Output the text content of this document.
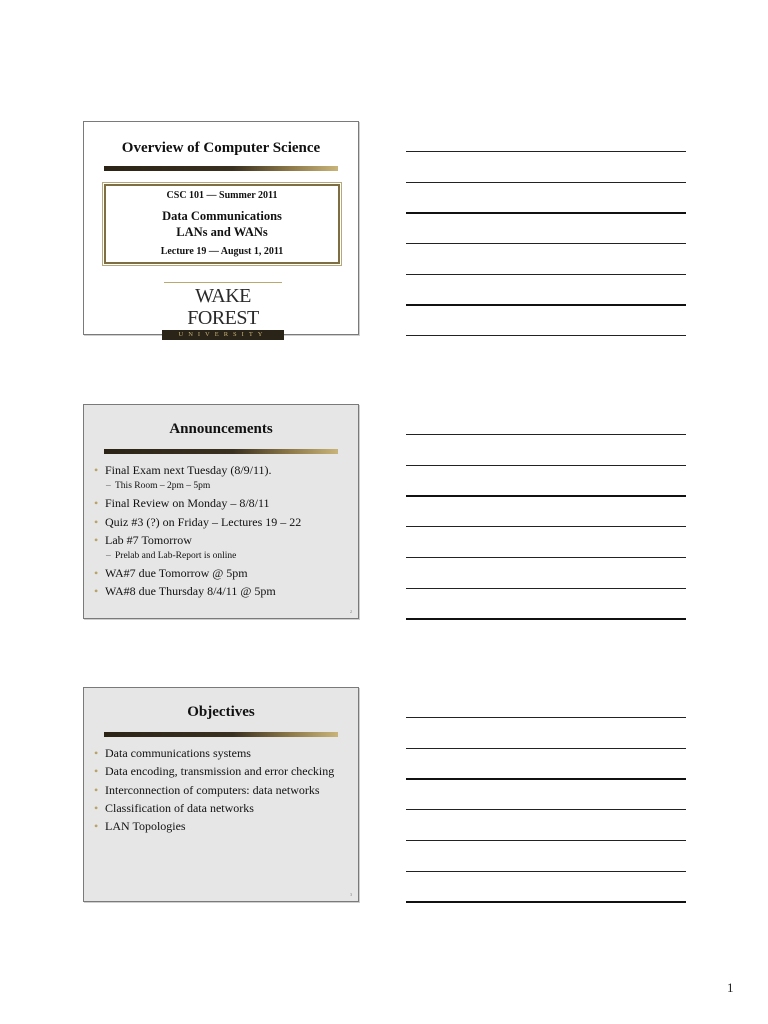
Overview of Computer Science
CSC 101 — Summer 2011
Data Communications
LANs and WANs
Lecture 19 — August 1, 2011
WAKE FOREST
UNIVERSITY
Announcements
• Final Exam next Tuesday (8/9/11).
– This Room – 2pm – 5pm
• Final Review on Monday – 8/8/11
• Quiz #3 (?) on Friday – Lectures 19 – 22
• Lab #7 Tomorrow
– Prelab and Lab-Report is online
• WA#7 due Tomorrow @ 5pm
• WA#8 due Thursday 8/4/11 @ 5pm
2
Objectives
• Data communications systems
• Data encoding, transmission and error checking
• Interconnection of computers: data networks
• Classification of data networks
• LAN Topologies
3
1
